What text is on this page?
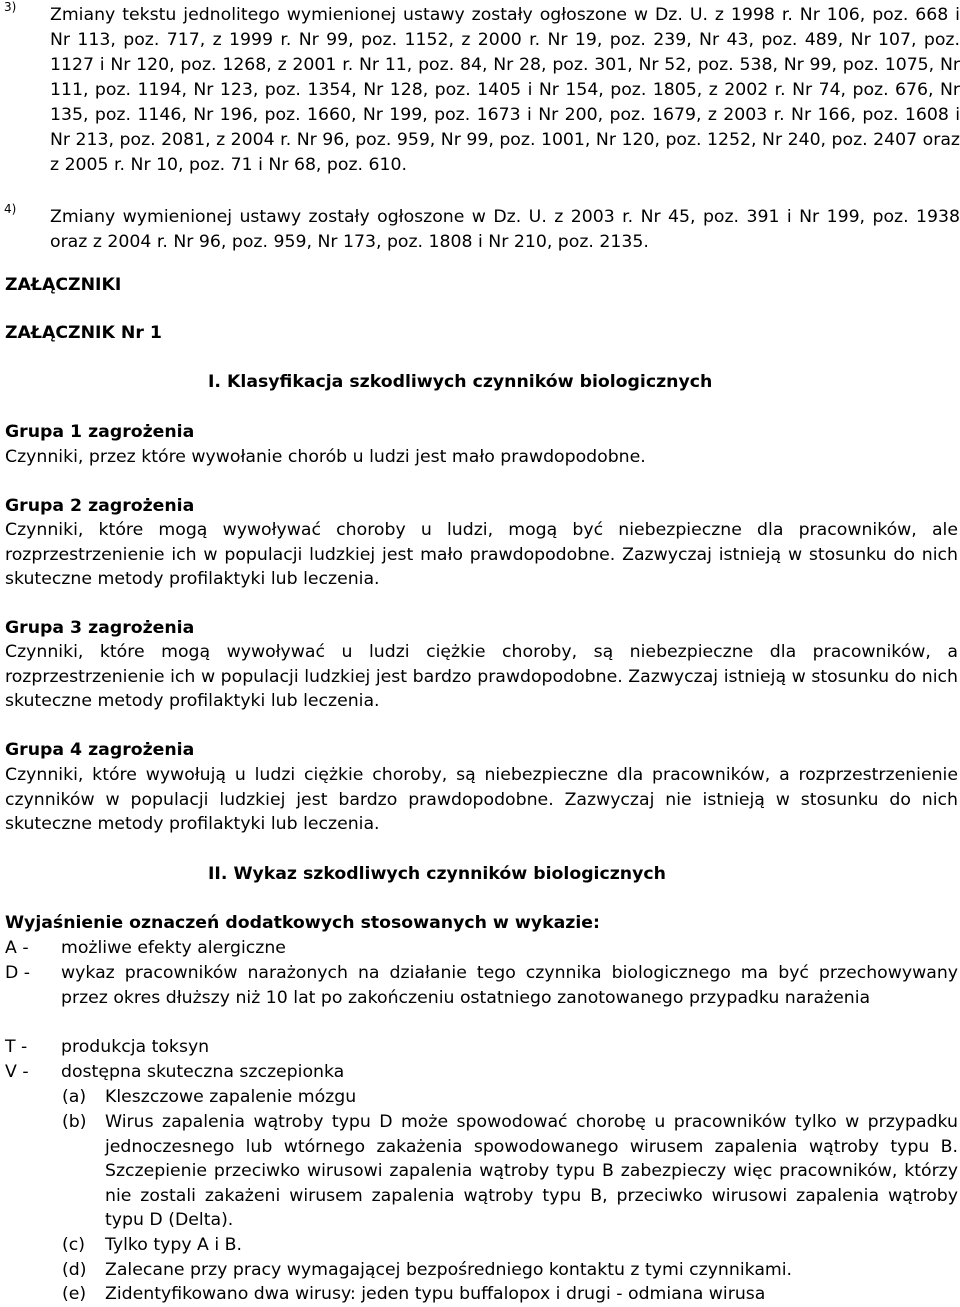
3) Zmiany tekstu jednolitego wymienionej ustawy zostały ogłoszone w Dz. U. z 1998 r. Nr 106, poz. 668 i Nr 113, poz. 717, z 1999 r. Nr 99, poz. 1152, z 2000 r. Nr 19, poz. 239, Nr 43, poz. 489, Nr 107, poz. 1127 i Nr 120, poz. 1268, z 2001 r. Nr 11, poz. 84, Nr 28, poz. 301, Nr 52, poz. 538, Nr 99, poz. 1075, Nr 111, poz. 1194, Nr 123, poz. 1354, Nr 128, poz. 1405 i Nr 154, poz. 1805, z 2002 r. Nr 74, poz. 676, Nr 135, poz. 1146, Nr 196, poz. 1660, Nr 199, poz. 1673 i Nr 200, poz. 1679, z 2003 r. Nr 166, poz. 1608 i Nr 213, poz. 2081, z 2004 r. Nr 96, poz. 959, Nr 99, poz. 1001, Nr 120, poz. 1252, Nr 240, poz. 2407 oraz z 2005 r. Nr 10, poz. 71 i Nr 68, poz. 610.
4) Zmiany wymienionej ustawy zostały ogłoszone w Dz. U. z 2003 r. Nr 45, poz. 391 i Nr 199, poz. 1938 oraz z 2004 r. Nr 96, poz. 959, Nr 173, poz. 1808 i Nr 210, poz. 2135.
ZAŁĄCZNIKI
ZAŁĄCZNIK Nr 1
I. Klasyfikacja szkodliwych czynników biologicznych
Grupa 1 zagrożenia
Czynniki, przez które wywołanie chorób u ludzi jest mało prawdopodobne.
Grupa 2 zagrożenia
Czynniki, które mogą wywoływać choroby u ludzi, mogą być niebezpieczne dla pracowników, ale rozprzestrzenienie ich w populacji ludzkiej jest mało prawdopodobne. Zazwyczaj istnieją w stosunku do nich skuteczne metody profilaktyki lub leczenia.
Grupa 3 zagrożenia
Czynniki, które mogą wywoływać u ludzi ciężkie choroby, są niebezpieczne dla pracowników, a rozprzestrzenienie ich w populacji ludzkiej jest bardzo prawdopodobne. Zazwyczaj istnieją w stosunku do nich skuteczne metody profilaktyki lub leczenia.
Grupa 4 zagrożenia
Czynniki, które wywołują u ludzi ciężkie choroby, są niebezpieczne dla pracowników, a rozprzestrzenienie czynników w populacji ludzkiej jest bardzo prawdopodobne. Zazwyczaj nie istnieją w stosunku do nich skuteczne metody profilaktyki lub leczenia.
II. Wykaz szkodliwych czynników biologicznych
Wyjaśnienie oznaczeń dodatkowych stosowanych w wykazie:
A - możliwe efekty alergiczne
D - wykaz pracowników narażonych na działanie tego czynnika biologicznego ma być przechowywany przez okres dłuższy niż 10 lat po zakończeniu ostatniego zanotowanego przypadku narażenia
T - produkcja toksyn
V - dostępna skuteczna szczepionka
(a) Kleszczowe zapalenie mózgu
(b) Wirus zapalenia wątroby typu D może spowodować chorobę u pracowników tylko w przypadku jednoczesnego lub wtórnego zakażenia spowodowanego wirusem zapalenia wątroby typu B. Szczepienie przeciwko wirusowi zapalenia wątroby typu B zabezpieczy więc pracowników, którzy nie zostali zakażeni wirusem zapalenia wątroby typu B, przeciwko wirusowi zapalenia wątroby typu D (Delta).
(c) Tylko typy A i B.
(d) Zalecane przy pracy wymagającej bezpośredniego kontaktu z tymi czynnikami.
(e) Zidentyfikowano dwa wirusy: jeden typu buffalopox i drugi - odmiana wirusa
